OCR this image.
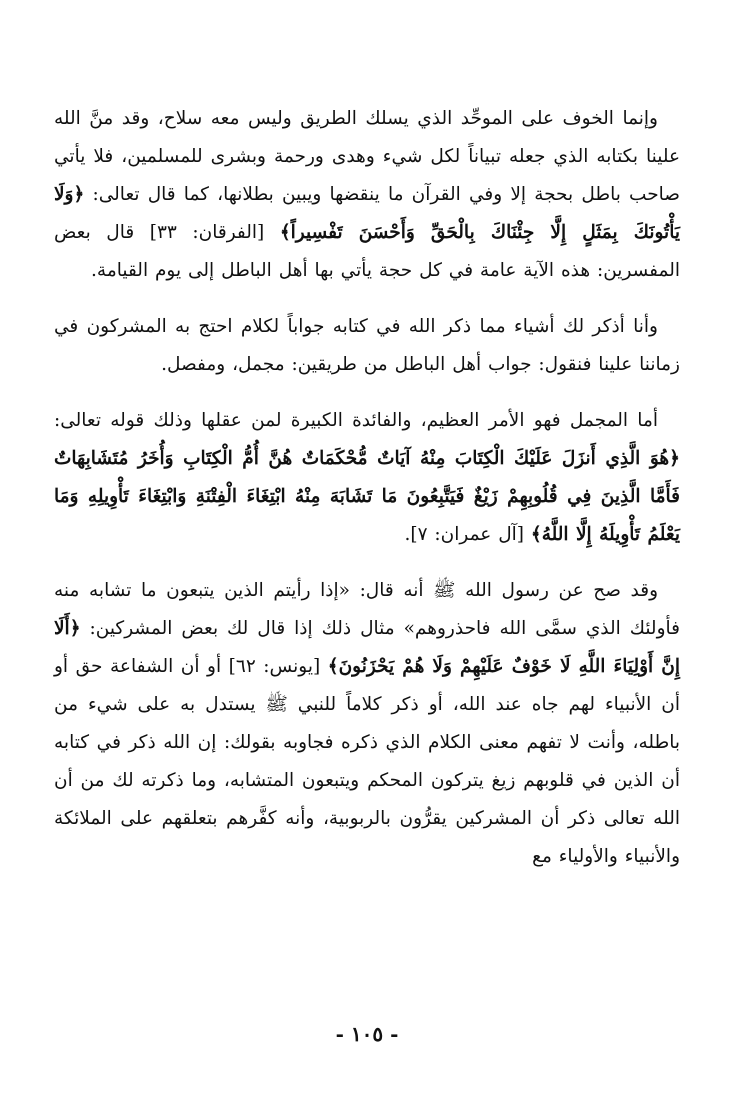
وإنما الخوف على الموحِّد الذي يسلك الطريق وليس معه سلاح، وقد منَّ الله علينا بكتابه الذي جعله تبياناً لكل شيء وهدى ورحمة وبشرى للمسلمين، فلا يأتي صاحب باطل بحجة إلا وفي القرآن ما ينقضها ويبين بطلانها، كما قال تعالى: ﴿وَلَا يَأْتُونَكَ بِمَثَلٍ إِلَّا جِئْنَاكَ بِالْحَقِّ وَأَحْسَنَ تَفْسِيراً﴾ [الفرقان: ٣٣] قال بعض المفسرين: هذه الآية عامة في كل حجة يأتي بها أهل الباطل إلى يوم القيامة.

وأنا أذكر لك أشياء مما ذكر الله في كتابه جواباً لكلام احتج به المشركون في زماننا علينا فنقول: جواب أهل الباطل من طريقين: مجمل، ومفصل.

أما المجمل فهو الأمر العظيم، والفائدة الكبيرة لمن عقلها وذلك قوله تعالى: ﴿هُوَ الَّذِي أَنزَلَ عَلَيْكَ الْكِتَابَ مِنْهُ آيَاتٌ مُّحْكَمَاتٌ هُنَّ أُمُّ الْكِتَابِ وَأُخَرُ مُتَشَابِهَاتٌ فَأَمَّا الَّذِينَ فِي قُلُوبِهِمْ زَيْغٌ فَيَتَّبِعُونَ مَا تَشَابَهَ مِنْهُ ابْتِغَاءَ الْفِتْنَةِ وَابْتِغَاءَ تَأْوِيلِهِ وَمَا يَعْلَمُ تَأْوِيلَهُ إِلَّا اللَّهُ﴾ [آل عمران: ٧].

وقد صح عن رسول الله ﷺ أنه قال: «إذا رأيتم الذين يتبعون ما تشابه منه فأولئك الذي سمَّى الله فاحذروهم» مثال ذلك إذا قال لك بعض المشركين: ﴿أَلَا إِنَّ أَوْلِيَاءَ اللَّهِ لَا خَوْفٌ عَلَيْهِمْ وَلَا هُمْ يَحْزَنُونَ﴾ [يونس: ٦٢] أو أن الشفاعة حق أو أن الأنبياء لهم جاه عند الله، أو ذكر كلاماً للنبي ﷺ يستدل به على شيء من باطله، وأنت لا تفهم معنى الكلام الذي ذكره فجاوبه بقولك: إن الله ذكر في كتابه أن الذين في قلوبهم زيغ يتركون المحكم ويتبعون المتشابه، وما ذكرته لك من أن الله تعالى ذكر أن المشركين يقرُّون بالربوبية، وأنه كفَّرهم بتعلقهم على الملائكة والأنبياء والأولياء مع

- ١٠٥ -
